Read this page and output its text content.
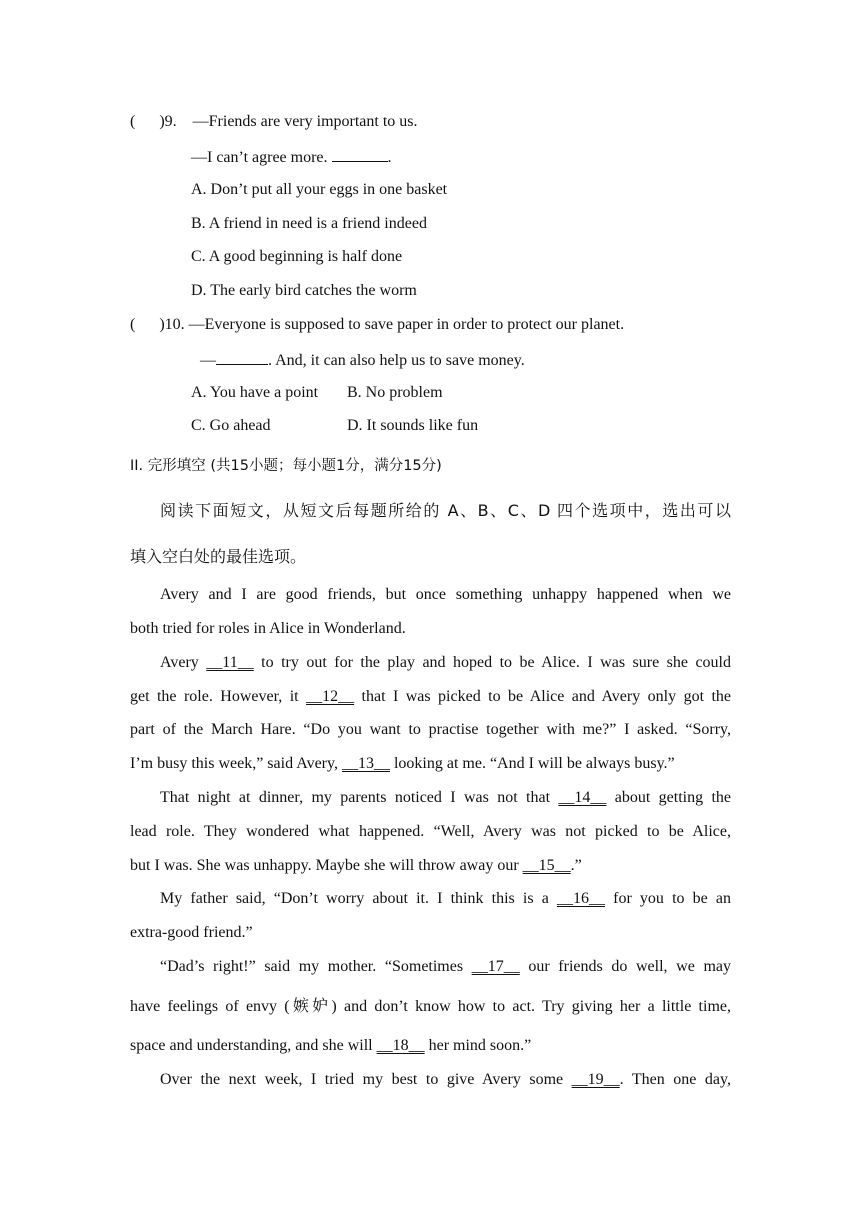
(      )9. —Friends are very important to us.
—I can’t agree more.	.
A. Don’t put all your eggs in one basket
B. A friend in need is a friend indeed
C. A good beginning is half done
D. The early bird catches the worm
(      )10. —Everyone is supposed to save paper in order to protect our planet.
—	. And, it can also help us to save money.
A. You have a point B. No problem
C. Go ahead	D. It sounds like fun
II. 完形填空 (共15小题；每小题1分，满分15分)
阅读下面短文，从短文后每题所给的 A、B、C、D 四个选项中，选出可以
填入空白处的最佳选项。
Avery and I are good friends, but once something unhappy happened when we
both tried for roles in Alice in Wonderland.
Avery __11__ to try out for the play and hoped to be Alice. I was sure she could
get the role. However, it __12__ that I was picked to be Alice and Avery only got the
part of the March Hare. “Do you want to practise together with me?” I asked. “Sorry,
I’m busy this week,” said Avery, __13__ looking at me. “And I will be always busy.”
That night at dinner, my parents noticed I was not that __14__ about getting the
lead role. They wondered what happened. “Well, Avery was not picked to be Alice,
but I was. She was unhappy. Maybe she will throw away our __15__.”
My father said, “Don’t worry about it. I think this is a __16__ for you to be an
extra-good friend.”
“Dad’s right!” said my mother. “Sometimes __17__ our friends do well, we may
have feelings of envy (嫉妒) and don’t know how to act. Try giving her a little time,
space and understanding, and she will __18__ her mind soon.”
Over the next week, I tried my best to give Avery some __19__. Then one day,
